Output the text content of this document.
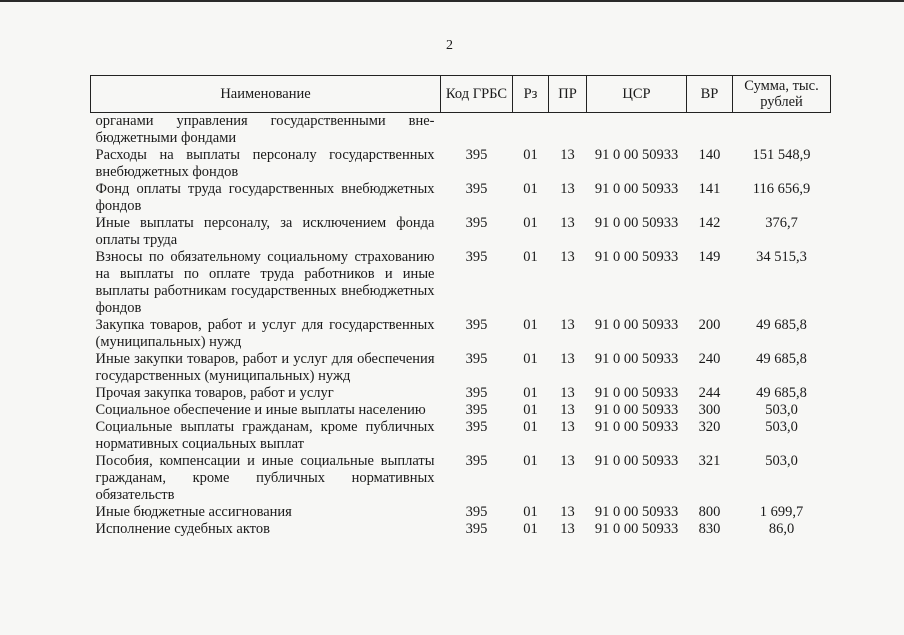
2
Наименование	Код ГРБС	Рз	ПР	ЦСР	ВР	Сумма, тыс. рублей
органами управления государственными вне-бюджетными фондами						
Расходы на выплаты персоналу государственных внебюджетных фондов	395	01	13	91 0 00 50933	140	151 548,9
Фонд оплаты труда государственных внебюджетных фондов	395	01	13	91 0 00 50933	141	116 656,9
Иные выплаты персоналу, за исключением фонда оплаты труда	395	01	13	91 0 00 50933	142	376,7
Взносы по обязательному социальному страхованию на выплаты по оплате труда работников и иные выплаты работникам государственных внебюджетных фондов	395	01	13	91 0 00 50933	149	34 515,3
Закупка товаров, работ и услуг для государственных (муниципальных) нужд	395	01	13	91 0 00 50933	200	49 685,8
Иные закупки товаров, работ и услуг для обеспечения государственных (муниципальных) нужд	395	01	13	91 0 00 50933	240	49 685,8
Прочая закупка товаров, работ и услуг	395	01	13	91 0 00 50933	244	49 685,8
Социальное обеспечение и иные выплаты населению	395	01	13	91 0 00 50933	300	503,0
Социальные выплаты гражданам, кроме публичных нормативных социальных выплат	395	01	13	91 0 00 50933	320	503,0
Пособия, компенсации и иные социальные выплаты гражданам, кроме публичных нормативных обязательств	395	01	13	91 0 00 50933	321	503,0
Иные бюджетные ассигнования	395	01	13	91 0 00 50933	800	1 699,7
Исполнение судебных актов	395	01	13	91 0 00 50933	830	86,0
